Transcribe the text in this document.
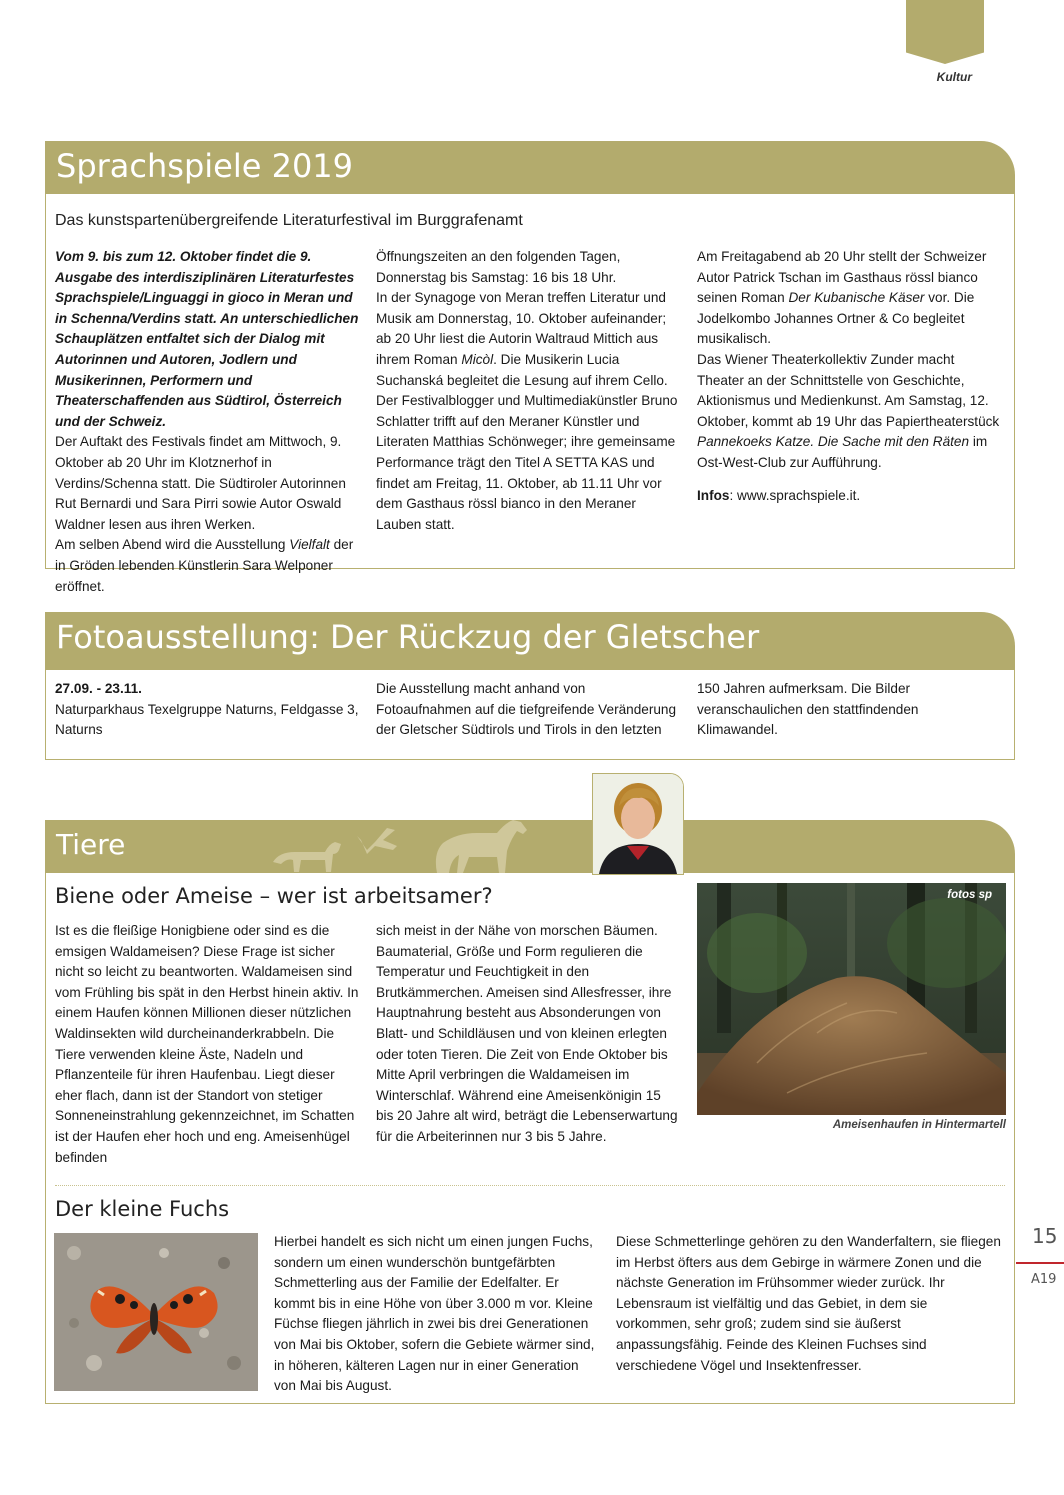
Kultur
Sprachspiele 2019
Das kunstspartenübergreifende Literaturfestival im Burggrafenamt

Vom 9. bis zum 12. Oktober findet die 9. Ausgabe des interdisziplinären Literaturfestes Sprachspiele/Linguaggi in gioco in Meran und in Schenna/Verdins statt. An unterschiedlichen Schauplätzen entfaltet sich der Dialog mit Autorinnen und Autoren, Jodlern und Musikerinnen, Performern und Theaterschaffenden aus Südtirol, Österreich und der Schweiz.

Der Auftakt des Festivals findet am Mittwoch, 9. Oktober ab 20 Uhr im Klotznerhof in Verdins/Schenna statt. Die Südtiroler Autorinnen Rut Bernardi und Sara Pirri sowie Autor Oswald Waldner lesen aus ihren Werken.

Am selben Abend wird die Ausstellung Vielfalt der in Gröden lebenden Künstlerin Sara Welponer eröffnet.

Öffnungszeiten an den folgenden Tagen, Donnerstag bis Samstag: 16 bis 18 Uhr.

In der Synagoge von Meran treffen Literatur und Musik am Donnerstag, 10. Oktober aufeinander; ab 20 Uhr liest die Autorin Waltraud Mittich aus ihrem Roman Micòl. Die Musikerin Lucia Suchanská begleitet die Lesung auf ihrem Cello.

Der Festivalblogger und Multimediakünstler Bruno Schlatter trifft auf den Meraner Künstler und Literaten Matthias Schönweger; ihre gemeinsame Performance trägt den Titel A SETTA KAS und findet am Freitag, 11. Oktober, ab 11.11 Uhr vor dem Gasthaus rössl bianco in den Meraner Lauben statt.

Am Freitagabend ab 20 Uhr stellt der Schweizer Autor Patrick Tschan im Gasthaus rössl bianco seinen Roman Der Kubanische Käser vor. Die Jodelkombo Johannes Ortner & Co begleitet musikalisch.

Das Wiener Theaterkollektiv Zunder macht Theater an der Schnittstelle von Geschichte, Aktionismus und Medienkunst. Am Samstag, 12. Oktober, kommt ab 19 Uhr das Papiertheaterstück Pannekoeks Katze. Die Sache mit den Räten im Ost-West-Club zur Aufführung.

Infos: www.sprachspiele.it.

Fotoausstellung: Der Rückzug der Gletscher

27.09. - 23.11.

Naturparkhaus Texelgruppe Naturns, Feldgasse 3, Naturns

Die Ausstellung macht anhand von Fotoaufnahmen auf die tiefgreifende Veränderung der Gletscher Südtirols und Tirols in den letzten 150 Jahren aufmerksam. Die Bilder veranschaulichen den stattfindenden Klimawandel.

Tiere
Biene oder Ameise – wer ist arbeitsamer?

Ist es die fleißige Honigbiene oder sind es die emsigen Waldameisen? Diese Frage ist sicher nicht so leicht zu beantworten. Waldameisen sind vom Frühling bis spät in den Herbst hinein aktiv. In einem Haufen können Millionen dieser nützlichen Waldinsekten wild durcheinanderkrabbeln. Die Tiere verwenden kleine Äste, Nadeln und Pflanzenteile für ihren Haufenbau. Liegt dieser eher flach, dann ist der Standort von stetiger Sonneneinstrahlung gekennzeichnet, im Schatten ist der Haufen eher hoch und eng. Ameisenhügel befinden

sich meist in der Nähe von morschen Bäumen. Baumaterial, Größe und Form regulieren die Temperatur und Feuchtigkeit in den Brutkämmerchen. Ameisen sind Allesfresser, ihre Hauptnahrung besteht aus Absonderungen von Blatt- und Schildläusen und von kleinen erlegten oder toten Tieren. Die Zeit von Ende Oktober bis Mitte April verbringen die Waldameisen im Winterschlaf. Während eine Ameisenkönigin 15 bis 20 Jahre alt wird, beträgt die Lebenserwartung für die Arbeiterinnen nur 3 bis 5 Jahre.

fotos sp
Ameisenhaufen in Hintermartell
Der kleine Fuchs

Hierbei handelt es sich nicht um einen jungen Fuchs, sondern um einen wunderschön buntgefärbten Schmetterling aus der Familie der Edelfalter. Er kommt bis in eine Höhe von über 3.000 m vor. Kleine Füchse fliegen jährlich in zwei bis drei Generationen von Mai bis Oktober, sofern die Gebiete wärmer sind, in höheren, kälteren Lagen nur in einer Generation von Mai bis August.

Diese Schmetterlinge gehören zu den Wanderfaltern, sie fliegen im Herbst öfters aus dem Gebirge in wärmere Zonen und die nächste Generation im Frühsommer wieder zurück. Ihr Lebensraum ist vielfältig und das Gebiet, in dem sie vorkommen, sehr groß; zudem sind sie äußerst anpassungsfähig. Feinde des Kleinen Fuchses sind verschiedene Vögel und Insektenfresser.

15
A19
